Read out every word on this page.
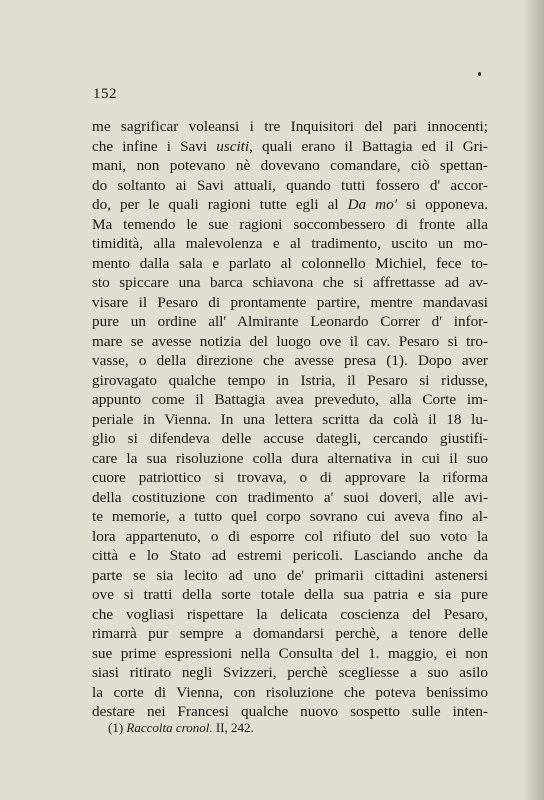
152
me sagrificar voleansi i tre Inquisitori del pari innocenti;
che infine i Savi usciti, quali erano il Battagia ed il Gri-
mani, non potevano nè dovevano comandare, ciò spettan-
do soltanto ai Savi attuali, quando tutti fossero d' accor-
do, per le quali ragioni tutte egli al Da mo' si opponeva.
Ma temendo le sue ragioni soccombessero di fronte alla
timidità, alla malevolenza e al tradimento, uscito un mo-
mento dalla sala e parlato al colonnello Michiel, fece to-
sto spiccare una barca schiavona che si affrettasse ad av-
visare il Pesaro di prontamente partire, mentre mandavasi
pure un ordine all' Almirante Leonardo Correr d' infor-
mare se avesse notizia del luogo ove il cav. Pesaro si tro-
vasse, o della direzione che avesse presa (1). Dopo aver
girovagato qualche tempo in Istria, il Pesaro si ridusse,
appunto come il Battagia avea preveduto, alla Corte im-
periale in Vienna. In una lettera scritta da colà il 18 lu-
glio si difendeva delle accuse dategli, cercando giustifi-
care la sua risoluzione colla dura alternativa in cui il suo
cuore patriottico si trovava, o di approvare la riforma
della costituzione con tradimento a' suoi doveri, alle avi-
te memorie, a tutto quel corpo sovrano cui aveva fino al-
lora appartenuto, o di esporre col rifiuto del suo voto la
città e lo Stato ad estremi pericoli. Lasciando anche da
parte se sia lecito ad uno de' primarii cittadini astenersi
ove si tratti della sorte totale della sua patria e sia pure
che vogliasi rispettare la delicata coscienza del Pesaro,
rimarrà pur sempre a domandarsi perchè, a tenore delle
sue prime espressioni nella Consulta del 1. maggio, ei non
siasi ritirato negli Svizzeri, perchè scegliesse a suo asilo
la corte di Vienna, con risoluzione che poteva benissimo
destare nei Francesi qualche nuovo sospetto sulle inten-
(1) Raccolta cronol. II, 242.
